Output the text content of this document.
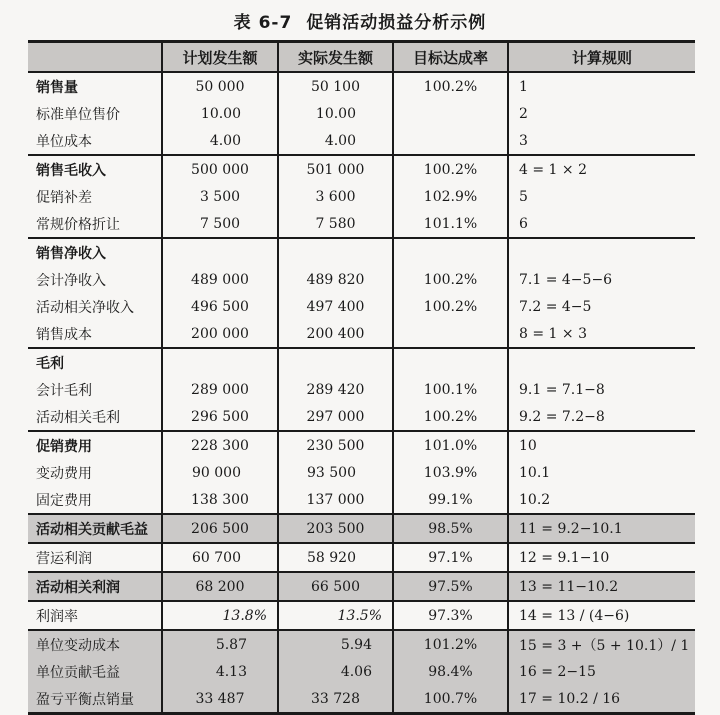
表 6-7 促销活动损益分析示例
	计划发生额	实际发生额	目标达成率	计算规则
销售量	50 000	50 100	100.2%	1
标准单位售价	10.00	10.00		2
单位成本	4.00	4.00		3
销售毛收入	500 000	501 000	100.2%	4 = 1 × 2
促销补差	3 500	3 600	102.9%	5
常规价格折让	7 500	7 580	101.1%	6
销售净收入				
会计净收入	489 000	489 820	100.2%	7.1 = 4−5−6
活动相关净收入	496 500	497 400	100.2%	7.2 = 4−5
销售成本	200 000	200 400		8 = 1 × 3
毛利				
会计毛利	289 000	289 420	100.1%	9.1 = 7.1−8
活动相关毛利	296 500	297 000	100.2%	9.2 = 7.2−8
促销费用	228 300	230 500	101.0%	10
变动费用	90 000	93 500	103.9%	10.1
固定费用	138 300	137 000	99.1%	10.2
活动相关贡献毛益	206 500	203 500	98.5%	11 = 9.2−10.1
营运利润	60 700	58 920	97.1%	12 = 9.1−10
活动相关利润	68 200	66 500	97.5%	13 = 11−10.2
利润率	13.8%	13.5%	97.3%	14 = 13 / (4−6)
单位变动成本	5.87	5.94	101.2%	15 = 3 +（5 + 10.1）/ 1
单位贡献毛益	4.13	4.06	98.4%	16 = 2−15
盈亏平衡点销量	33 487	33 728	100.7%	17 = 10.2 / 16
